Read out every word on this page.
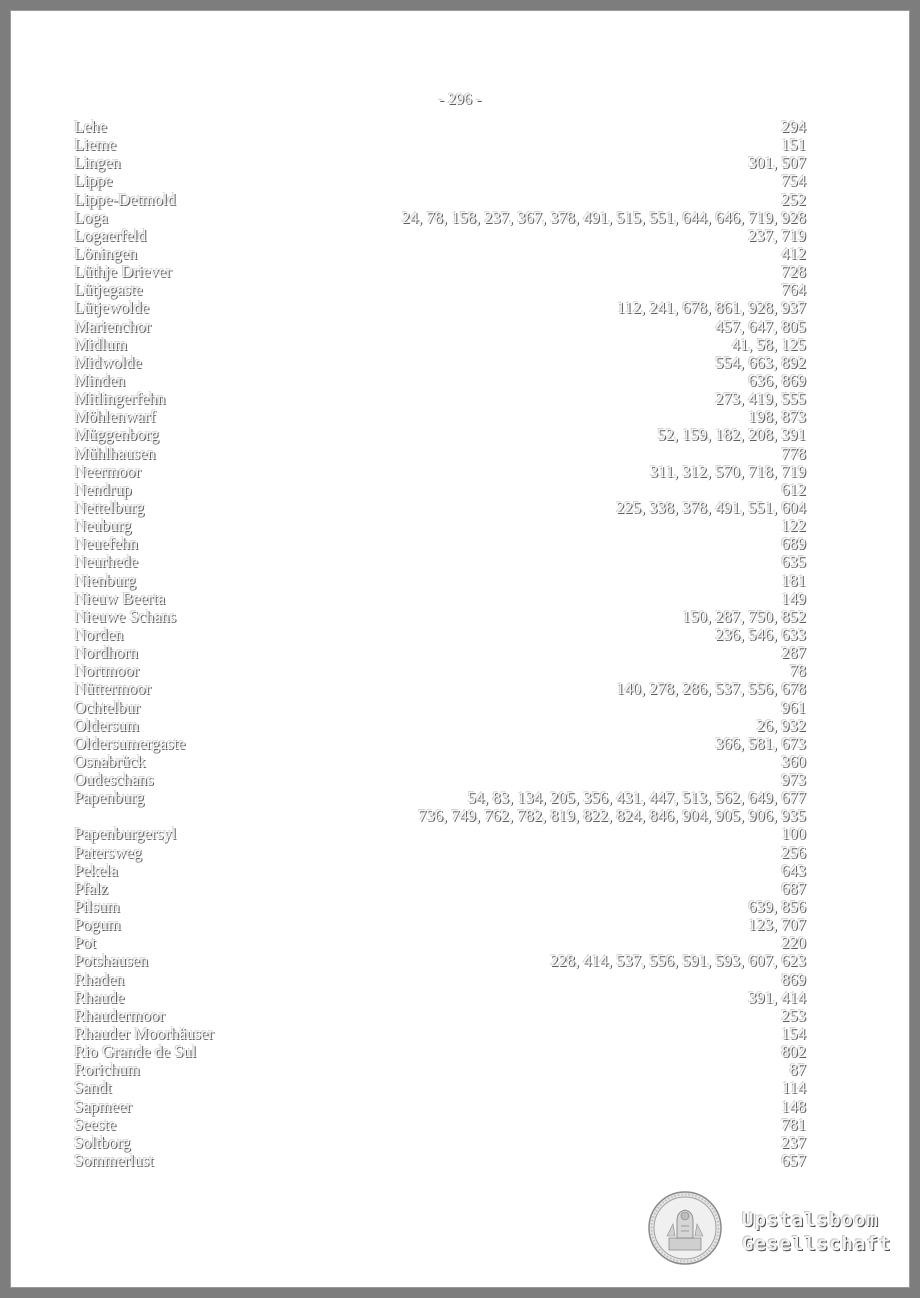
- 296 -
Lehe	294
Lieme	151
Lingen	301, 507
Lippe	754
Lippe-Detmold	252
Loga	24, 78, 158, 237, 367, 378, 491, 515, 551, 644, 646, 719, 928
Logaerfeld	237, 719
Löningen	412
Lüthje Driever	728
Lütjegaste	764
Lütjewolde	112, 241, 678, 861, 928, 937
Marienchor	457, 647, 805
Midlum	41, 58, 125
Midwolde	554, 663, 892
Minden	636, 869
Mitlingerfehn	273, 419, 555
Möhlenwarf	198, 873
Müggenborg	52, 159, 182, 208, 391
Mühlhausen	778
Neermoor	311, 312, 570, 718, 719
Nendrup	612
Nettelburg	225, 338, 378, 491, 551, 604
Neuburg	122
Neuefehn	689
Neurhede	635
Nienburg	181
Nieuw Beerta	149
Nieuwe Schans	150, 287, 750, 852
Norden	236, 546, 633
Nordhorn	287
Nortmoor	78
Nüttermoor	140, 278, 286, 537, 556, 678
Ochtelbur	961
Oldersum	26, 932
Oldersumergaste	366, 581, 673
Osnabrück	360
Oudeschans	973
Papenburg	54, 83, 134, 205, 356, 431, 447, 513, 562, 649, 677
736, 749, 762, 782, 819, 822, 824, 846, 904, 905, 906, 935
Papenburgersyl	100
Patersweg	256
Pekela	643
Pfalz	687
Pilsum	639, 856
Pogum	123, 707
Pot	220
Potshausen	228, 414, 537, 556, 591, 593, 607, 623
Rhaden	869
Rhaude	391, 414
Rhaudermoor	253
Rhauder Moorhäuser	154
Rio Grande de Sul	802
Rorichum	87
Sandt	114
Sapmeer	148
Seeste	781
Soltborg	237
Sommerlust	657
Upstalsboom
Gesellschaft
